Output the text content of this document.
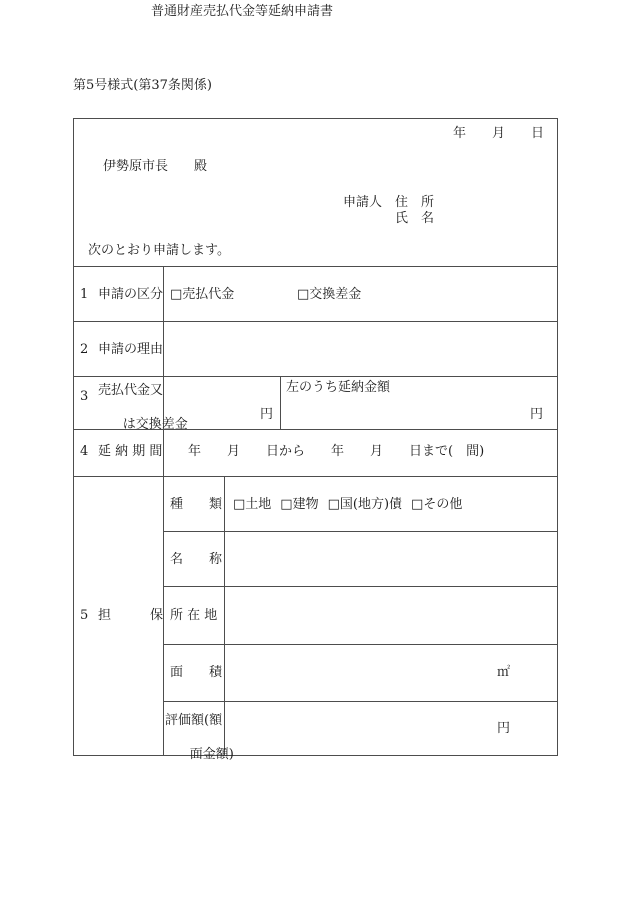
第5号様式(第37条関係)
普通財産売払代金等延納申請書
年　　月　　日
伊勢原市長　　殿
申請人 住　所
氏　名
次のとおり申請します。
1 申請の区分 □売払代金	□交換差金
2 申請の理由
3 売払代金又

は交換差金
円
左のうち延納金額
円
4 延 納 期 間 年　　月　　日から　　年　　月　　日まで(　間)
5 担　　　保
種　　類 □土地 □建物 □国(地方)債 □その他
名　　称
所 在 地
面　　積	㎡
評価額(額

面金額)
円
